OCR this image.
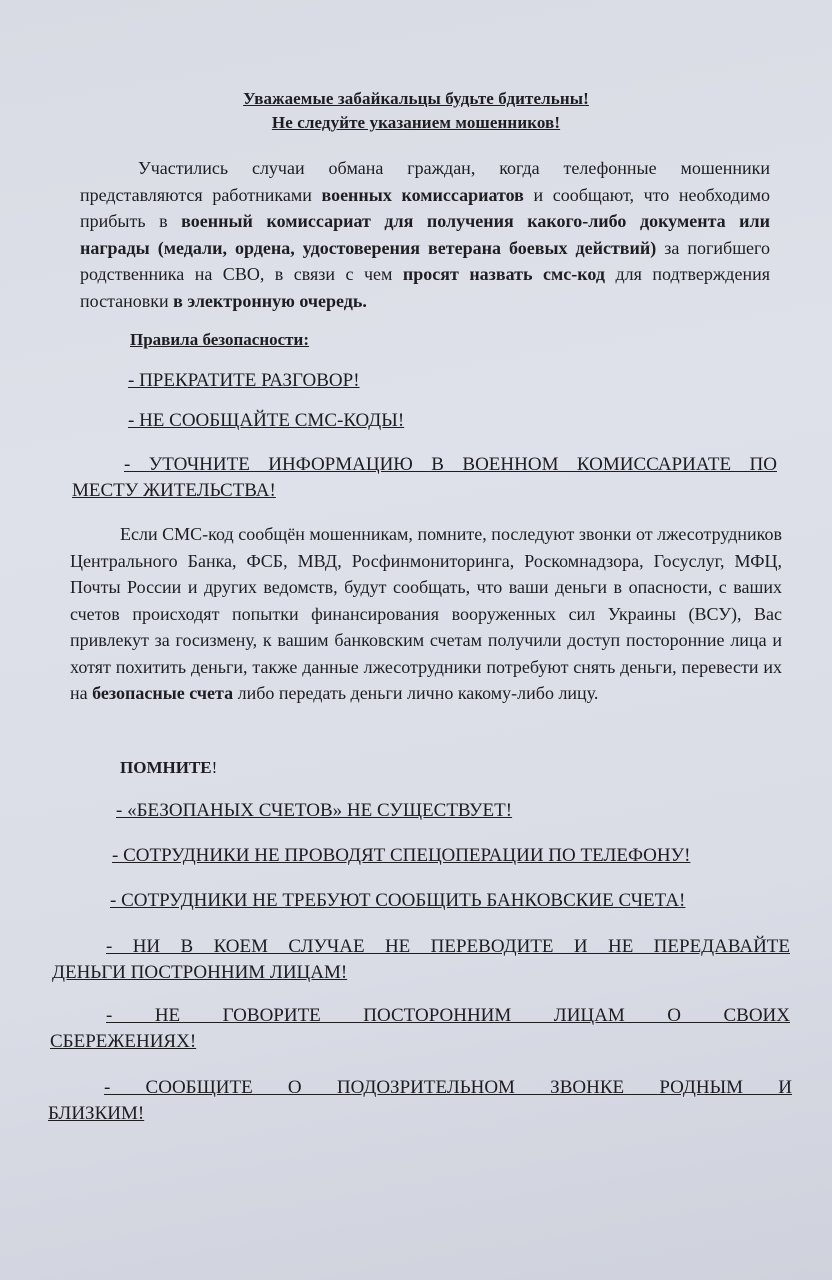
Уважаемые забайкальцы будьте бдительны!
Не следуйте указанием мошенников!

Участились случаи обмана граждан, когда телефонные мошенники представляются работниками военных комиссариатов и сообщают, что необходимо прибыть в военный комиссариат для получения какого-либо документа или награды (медали, ордена, удостоверения ветерана боевых действий) за погибшего родственника на СВО, в связи с чем просят назвать смс-код для подтверждения постановки в электронную очередь.

Правила безопасности:
- ПРЕКРАТИТЕ РАЗГОВОР!
- НЕ СООБЩАЙТЕ СМС-КОДЫ!
- УТОЧНИТЕ ИНФОРМАЦИЮ В ВОЕННОМ КОМИССАРИАТЕ ПО
МЕСТУ ЖИТЕЛЬСТВА!

Если СМС-код сообщён мошенникам, помните, последуют звонки от лжесотрудников Центрального Банка, ФСБ, МВД, Росфинмониторинга, Роскомнадзора, Госуслуг, МФЦ, Почты России и других ведомств, будут сообщать, что ваши деньги в опасности, с ваших счетов происходят попытки финансирования вооруженных сил Украины (ВСУ), Вас привлекут за госизмену, к вашим банковским счетам получили доступ посторонние лица и хотят похитить деньги, также данные лжесотрудники потребуют снять деньги, перевести их на безопасные счета либо передать деньги лично какому-либо лицу.

ПОМНИТЕ!
- «БЕЗОПАНЫХ СЧЕТОВ» НЕ СУЩЕСТВУЕТ!
- СОТРУДНИКИ НЕ ПРОВОДЯТ СПЕЦОПЕРАЦИИ ПО ТЕЛЕФОНУ!
- СОТРУДНИКИ НЕ ТРЕБУЮТ СООБЩИТЬ БАНКОВСКИЕ СЧЕТА!
- НИ В КОЕМ СЛУЧАЕ НЕ ПЕРЕВОДИТЕ И НЕ ПЕРЕДАВАЙТЕ
ДЕНЬГИ ПОСТРОННИМ ЛИЦАМ!
- НЕ ГОВОРИТЕ ПОСТОРОННИМ ЛИЦАМ О СВОИХ
СБЕРЕЖЕНИЯХ!
- СООБЩИТЕ О ПОДОЗРИТЕЛЬНОМ ЗВОНКЕ РОДНЫМ И
БЛИЗКИМ!
